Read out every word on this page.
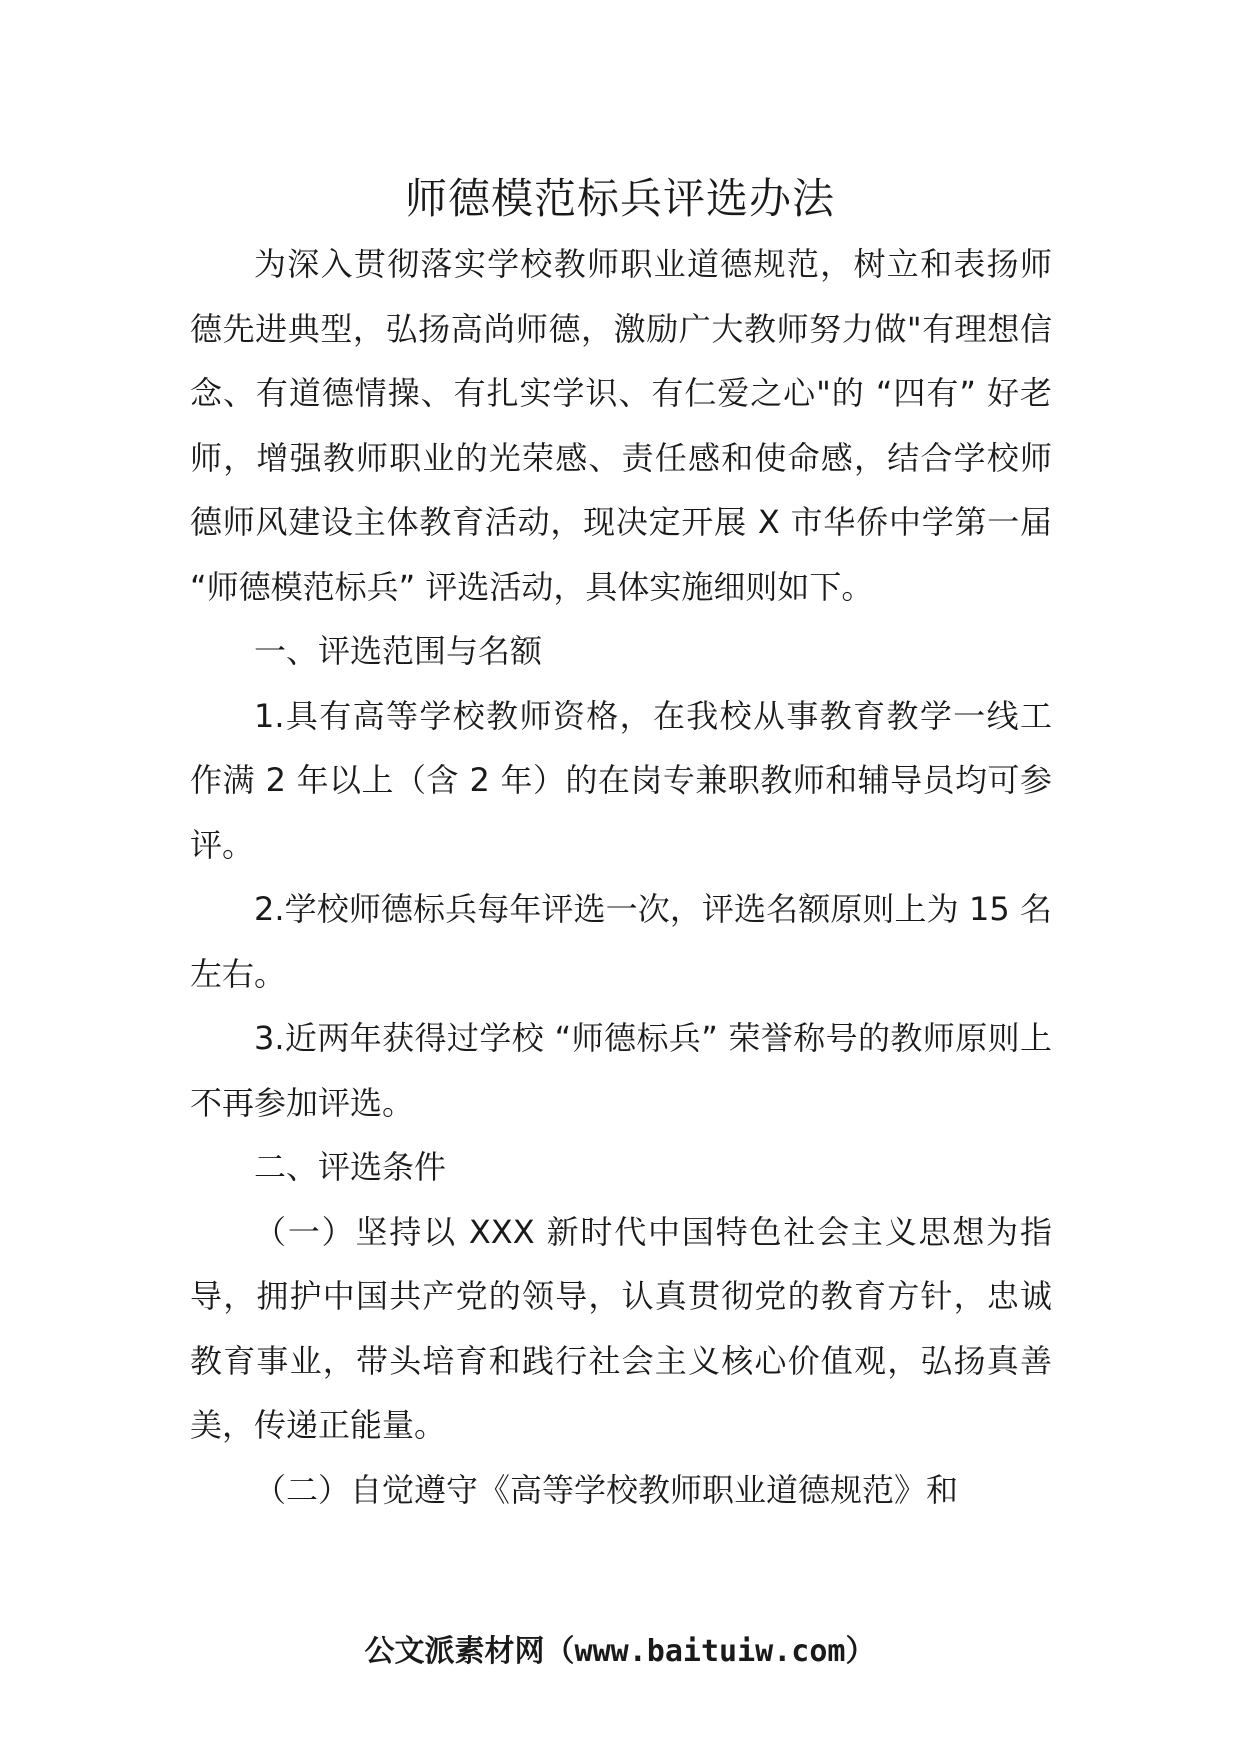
师德模范标兵评选办法

为深入贯彻落实学校教师职业道德规范，树立和表扬师德先进典型，弘扬高尚师德，激励广大教师努力做"有理想信念、有道德情操、有扎实学识、有仁爱之心"的 “四有” 好老师，增强教师职业的光荣感、责任感和使命感，结合学校师德师风建设主体教育活动，现决定开展 X 市华侨中学第一届 “师德模范标兵” 评选活动，具体实施细则如下。

一、评选范围与名额

1.具有高等学校教师资格，在我校从事教育教学一线工作满 2 年以上（含 2 年）的在岗专兼职教师和辅导员均可参评。

2.学校师德标兵每年评选一次，评选名额原则上为 15 名左右。

3.近两年获得过学校 “师德标兵” 荣誉称号的教师原则上不再参加评选。

二、评选条件

（一）坚持以 XXX 新时代中国特色社会主义思想为指导，拥护中国共产党的领导，认真贯彻党的教育方针，忠诚教育事业，带头培育和践行社会主义核心价值观，弘扬真善美，传递正能量。

（二）自觉遵守《高等学校教师职业道德规范》和

公文派素材网（www.baituiw.com）
